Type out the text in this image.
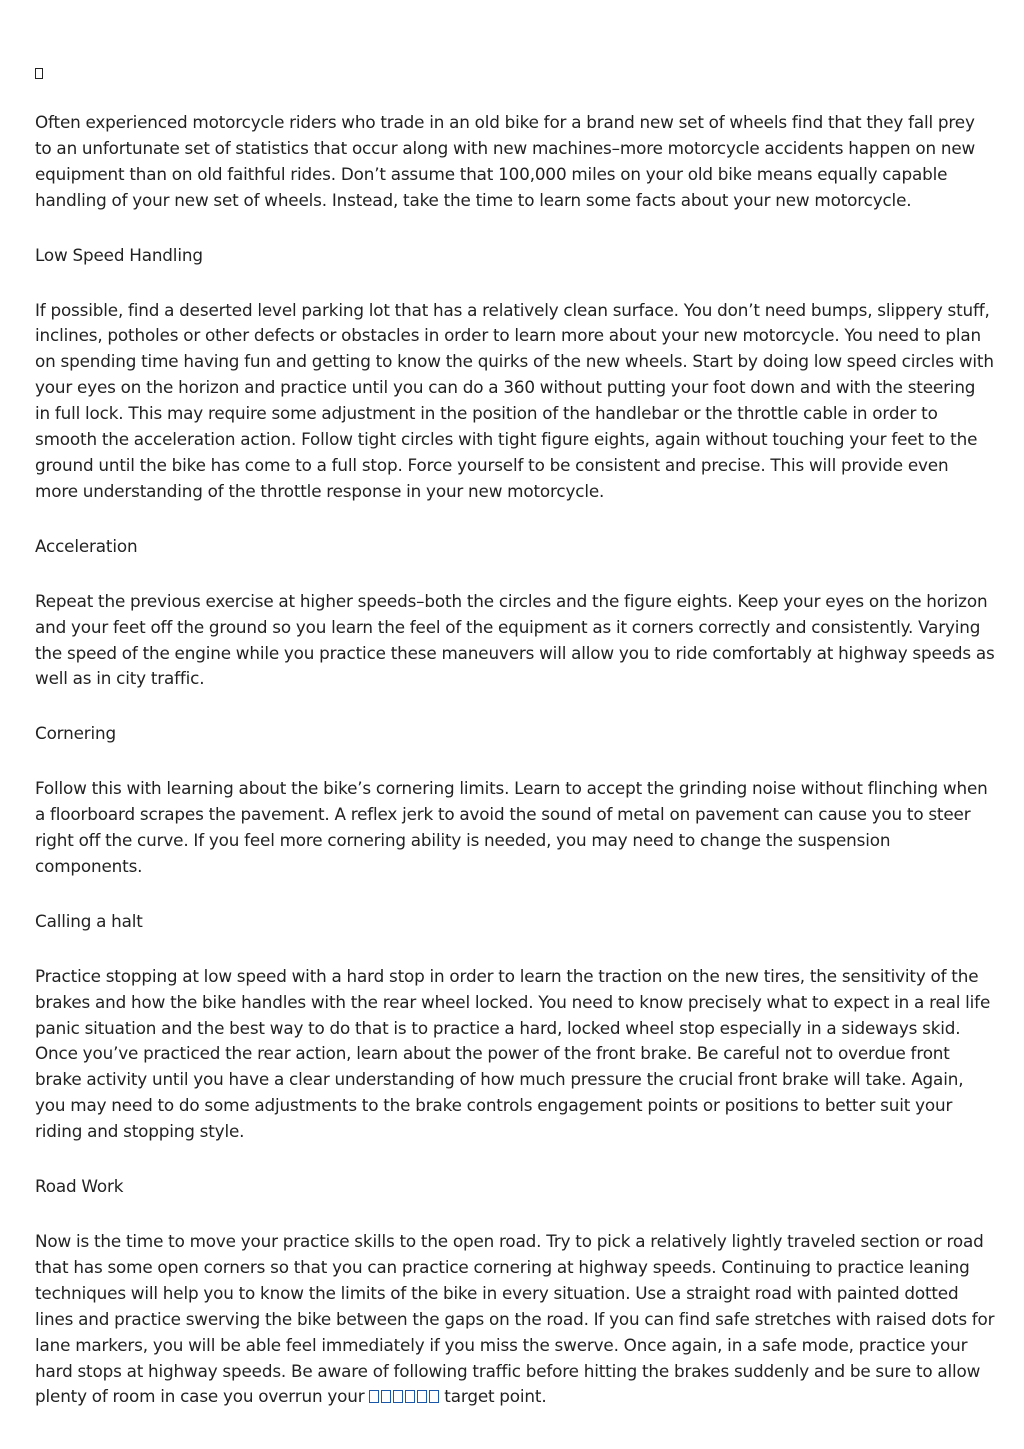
Often experienced motorcycle riders who trade in an old bike for a brand new set of wheels find that they fall prey to an unfortunate set of statistics that occur along with new machines–more motorcycle accidents happen on new equipment than on old faithful rides. Don’t assume that 100,000 miles on your old bike means equally capable handling of your new set of wheels. Instead, take the time to learn some facts about your new motorcycle.

Low Speed Handling

If possible, find a deserted level parking lot that has a relatively clean surface. You don’t need bumps, slippery stuff, inclines, potholes or other defects or obstacles in order to learn more about your new motorcycle. You need to plan on spending time having fun and getting to know the quirks of the new wheels. Start by doing low speed circles with your eyes on the horizon and practice until you can do a 360 without putting your foot down and with the steering in full lock. This may require some adjustment in the position of the handlebar or the throttle cable in order to smooth the acceleration action. Follow tight circles with tight figure eights, again without touching your feet to the ground until the bike has come to a full stop. Force yourself to be consistent and precise. This will provide even more understanding of the throttle response in your new motorcycle.

Acceleration

Repeat the previous exercise at higher speeds–both the circles and the figure eights. Keep your eyes on the horizon and your feet off the ground so you learn the feel of the equipment as it corners correctly and consistently. Varying the speed of the engine while you practice these maneuvers will allow you to ride comfortably at highway speeds as well as in city traffic.

Cornering

Follow this with learning about the bike’s cornering limits. Learn to accept the grinding noise without flinching when a floorboard scrapes the pavement. A reflex jerk to avoid the sound of metal on pavement can cause you to steer right off the curve. If you feel more cornering ability is needed, you may need to change the suspension components.

Calling a halt

Practice stopping at low speed with a hard stop in order to learn the traction on the new tires, the sensitivity of the brakes and how the bike handles with the rear wheel locked. You need to know precisely what to expect in a real life panic situation and the best way to do that is to practice a hard, locked wheel stop especially in a sideways skid. Once you’ve practiced the rear action, learn about the power of the front brake. Be careful not to overdue front brake activity until you have a clear understanding of how much pressure the crucial front brake will take. Again, you may need to do some adjustments to the brake controls engagement points or positions to better suit your riding and stopping style.

Road Work

Now is the time to move your practice skills to the open road. Try to pick a relatively lightly traveled section or road that has some open corners so that you can practice cornering at highway speeds. Continuing to practice leaning techniques will help you to know the limits of the bike in every situation. Use a straight road with painted dotted lines and practice swerving the bike between the gaps on the road. If you can find safe stretches with raised dots for lane markers, you will be able feel immediately if you miss the swerve. Once again, in a safe mode, practice your hard stops at highway speeds. Be aware of following traffic before hitting the brakes suddenly and be sure to allow plenty of room in case you overrun your	target point.
